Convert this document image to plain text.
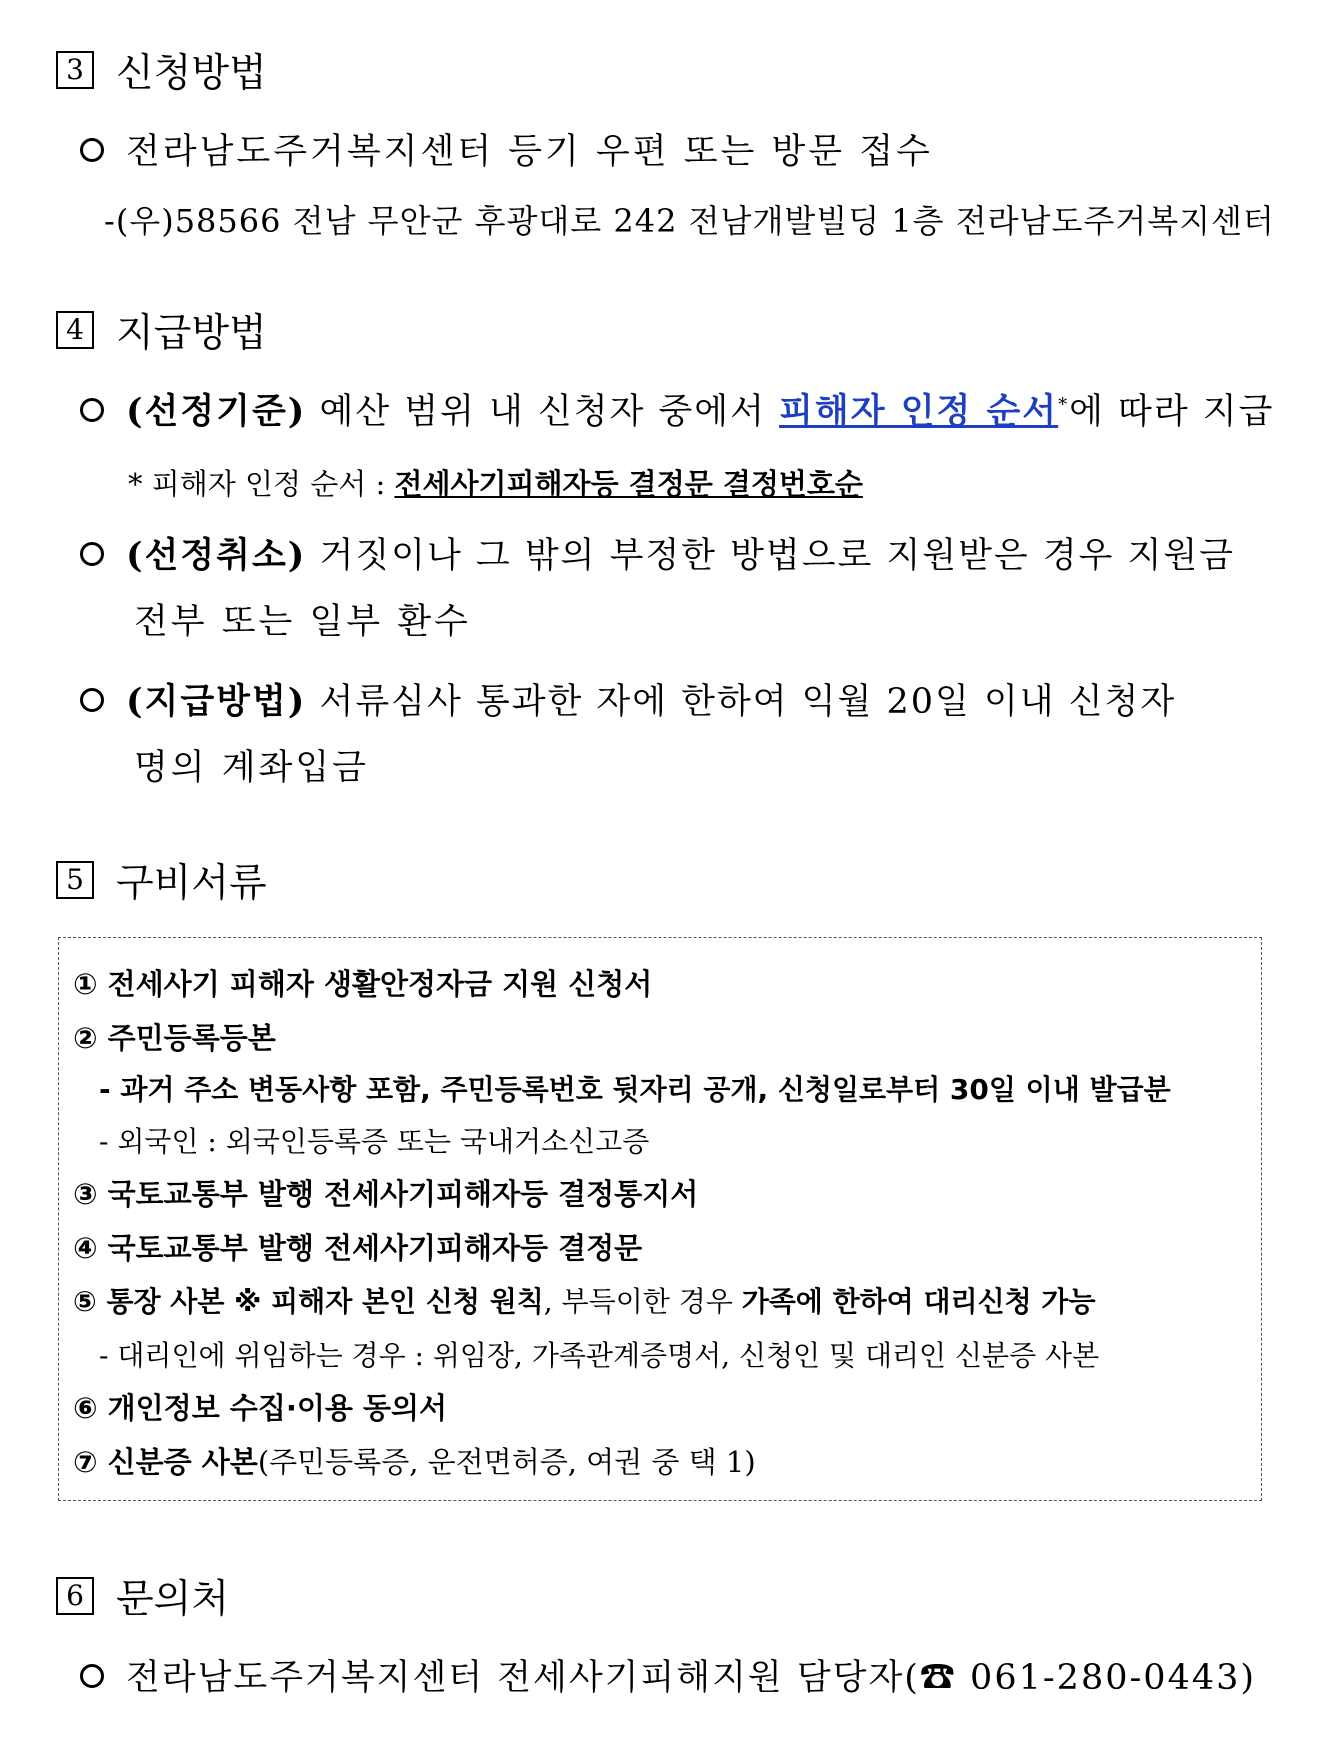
3 신청방법
전라남도주거복지센터 등기 우편 또는 방문 접수
-(우)58566 전남 무안군 후광대로 242 전남개발빌딩 1층 전라남도주거복지센터
4 지급방법
(선정기준) 예산 범위 내 신청자 중에서 피해자 인정 순서*에 따라 지급
* 피해자 인정 순서 : 전세사기피해자등 결정문 결정번호순
(선정취소) 거짓이나 그 밖의 부정한 방법으로 지원받은 경우 지원금
전부 또는 일부 환수
(지급방법) 서류심사 통과한 자에 한하여 익월 20일 이내 신청자
명의 계좌입금
5 구비서류
① 전세사기 피해자 생활안정자금 지원 신청서
② 주민등록등본
- 과거 주소 변동사항 포함, 주민등록번호 뒷자리 공개, 신청일로부터 30일 이내 발급분
- 외국인 : 외국인등록증 또는 국내거소신고증
③ 국토교통부 발행 전세사기피해자등 결정통지서
④ 국토교통부 발행 전세사기피해자등 결정문
⑤ 통장 사본 ※ 피해자 본인 신청 원칙, 부득이한 경우 가족에 한하여 대리신청 가능
- 대리인에 위임하는 경우 : 위임장, 가족관계증명서, 신청인 및 대리인 신분증 사본
⑥ 개인정보 수집·이용 동의서
⑦ 신분증 사본(주민등록증, 운전면허증, 여권 중 택 1)
6 문의처
전라남도주거복지센터 전세사기피해지원 담당자(☎ 061-280-0443)
